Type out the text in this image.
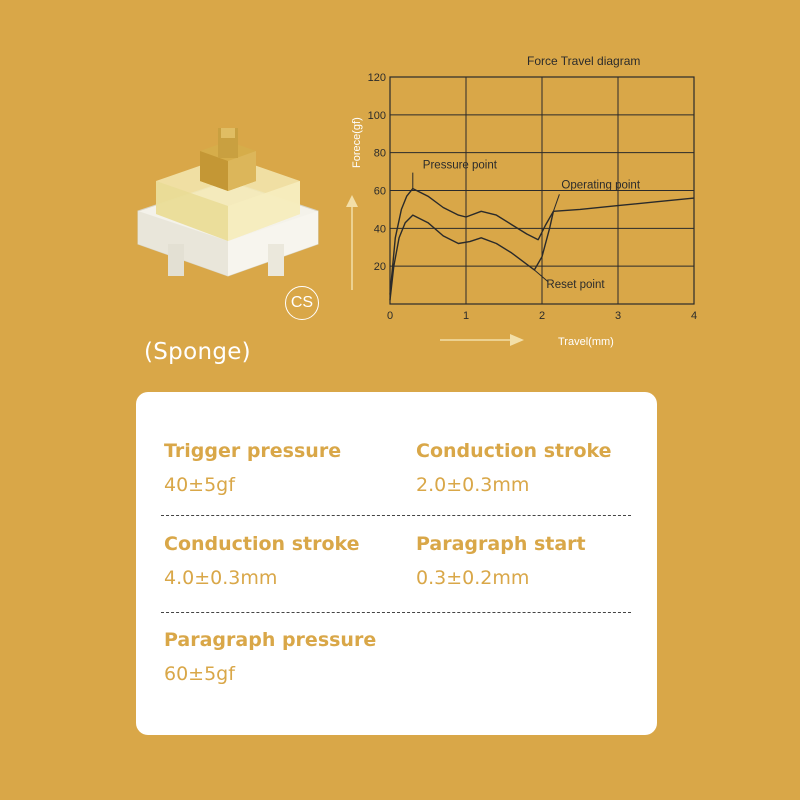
CS
(Sponge)
Force Travel diagram
Forece(gf)
Travel(mm)
0	1	2	3	4
20
40
60
80
100
120
Pressure point
Operating point
Reset point
Trigger pressure
40±5gf
Conduction stroke
2.0±0.3mm
Conduction stroke
4.0±0.3mm
Paragraph start
0.3±0.2mm
Paragraph pressure
60±5gf
